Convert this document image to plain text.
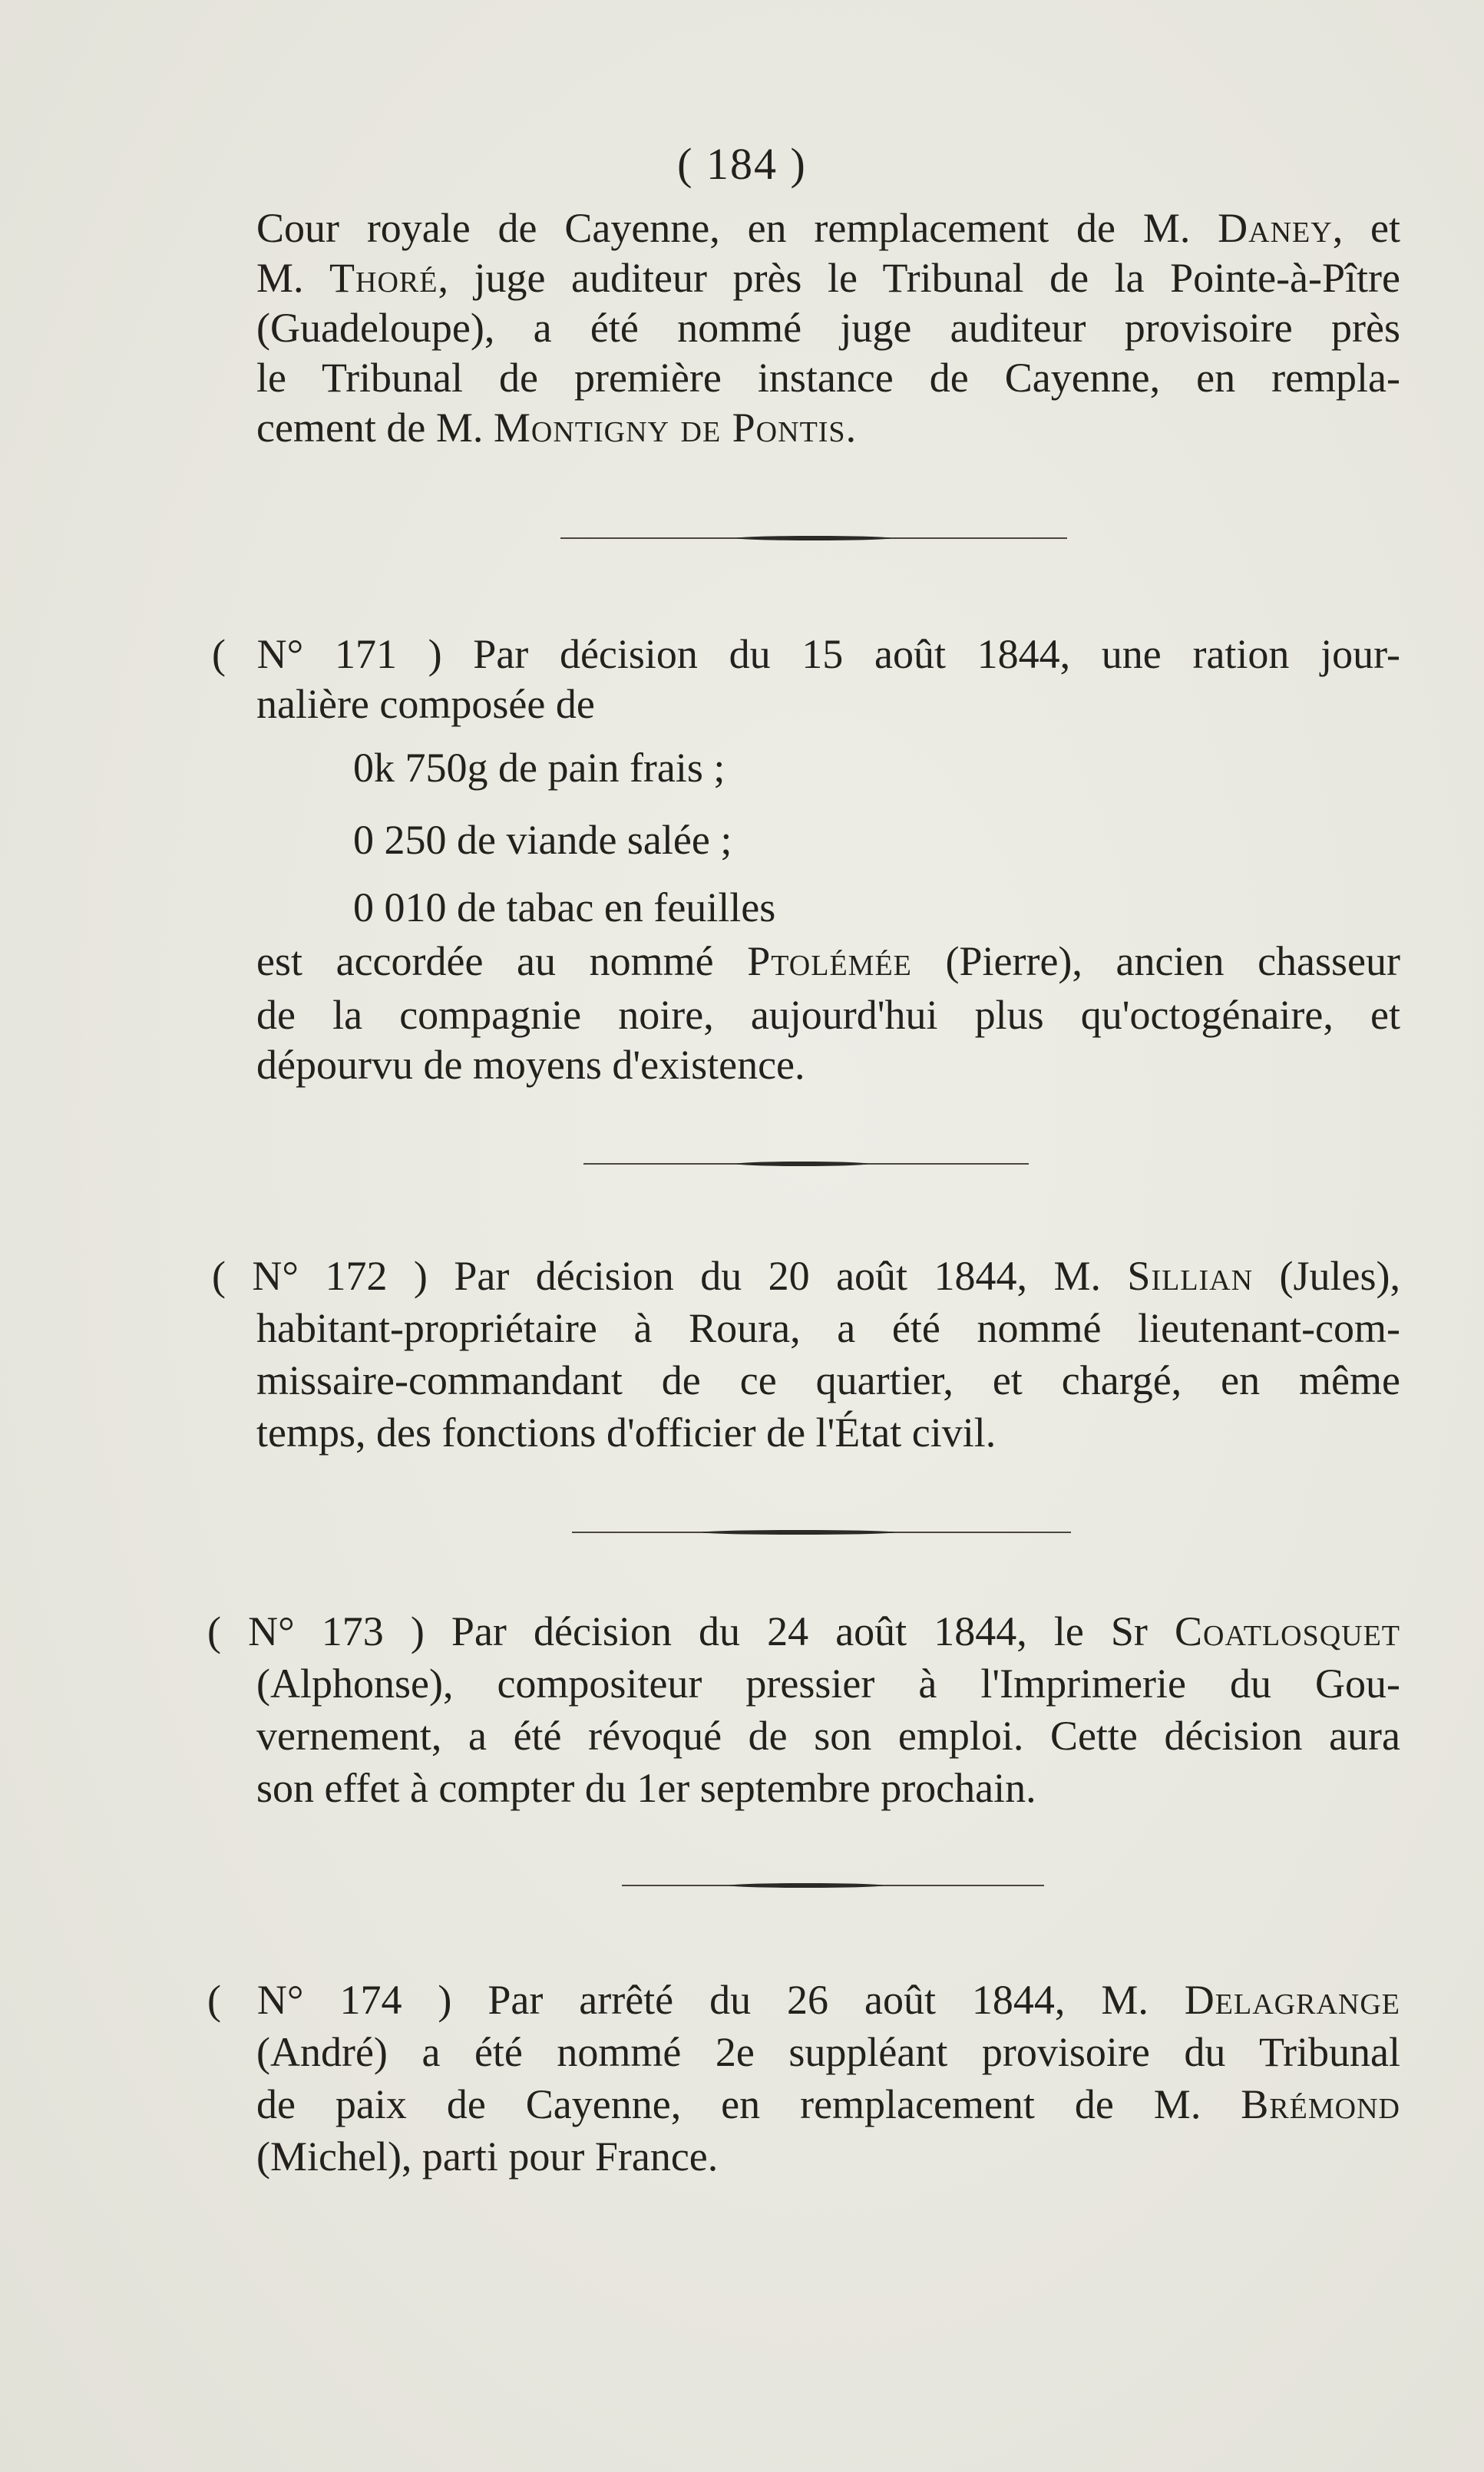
( 184 )
Cour royale de Cayenne, en remplacement de M. Daney, et
M. Thoré, juge auditeur près le Tribunal de la Pointe-à-Pître
(Guadeloupe), a été nommé juge auditeur provisoire près
le Tribunal de première instance de Cayenne, en rempla-
cement de M. Montigny de Pontis.
( N° 171 ) Par décision du 15 août 1844, une ration jour-
nalière composée de
0k 750g de pain frais ;
0 250 de viande salée ;
0 010 de tabac en feuilles
est accordée au nommé Ptolémée (Pierre), ancien chasseur
de la compagnie noire, aujourd'hui plus qu'octogénaire, et
dépourvu de moyens d'existence.
( N° 172 ) Par décision du 20 août 1844, M. Sillian (Jules),
habitant-propriétaire à Roura, a été nommé lieutenant-com-
missaire-commandant de ce quartier, et chargé, en même
temps, des fonctions d'officier de l'État civil.
( N° 173 ) Par décision du 24 août 1844, le Sr Coatlosquet
(Alphonse), compositeur pressier à l'Imprimerie du Gou-
vernement, a été révoqué de son emploi. Cette décision aura
son effet à compter du 1er septembre prochain.
( N° 174 ) Par arrêté du 26 août 1844, M. Delagrange
(André) a été nommé 2e suppléant provisoire du Tribunal
de paix de Cayenne, en remplacement de M. Brémond
(Michel), parti pour France.
